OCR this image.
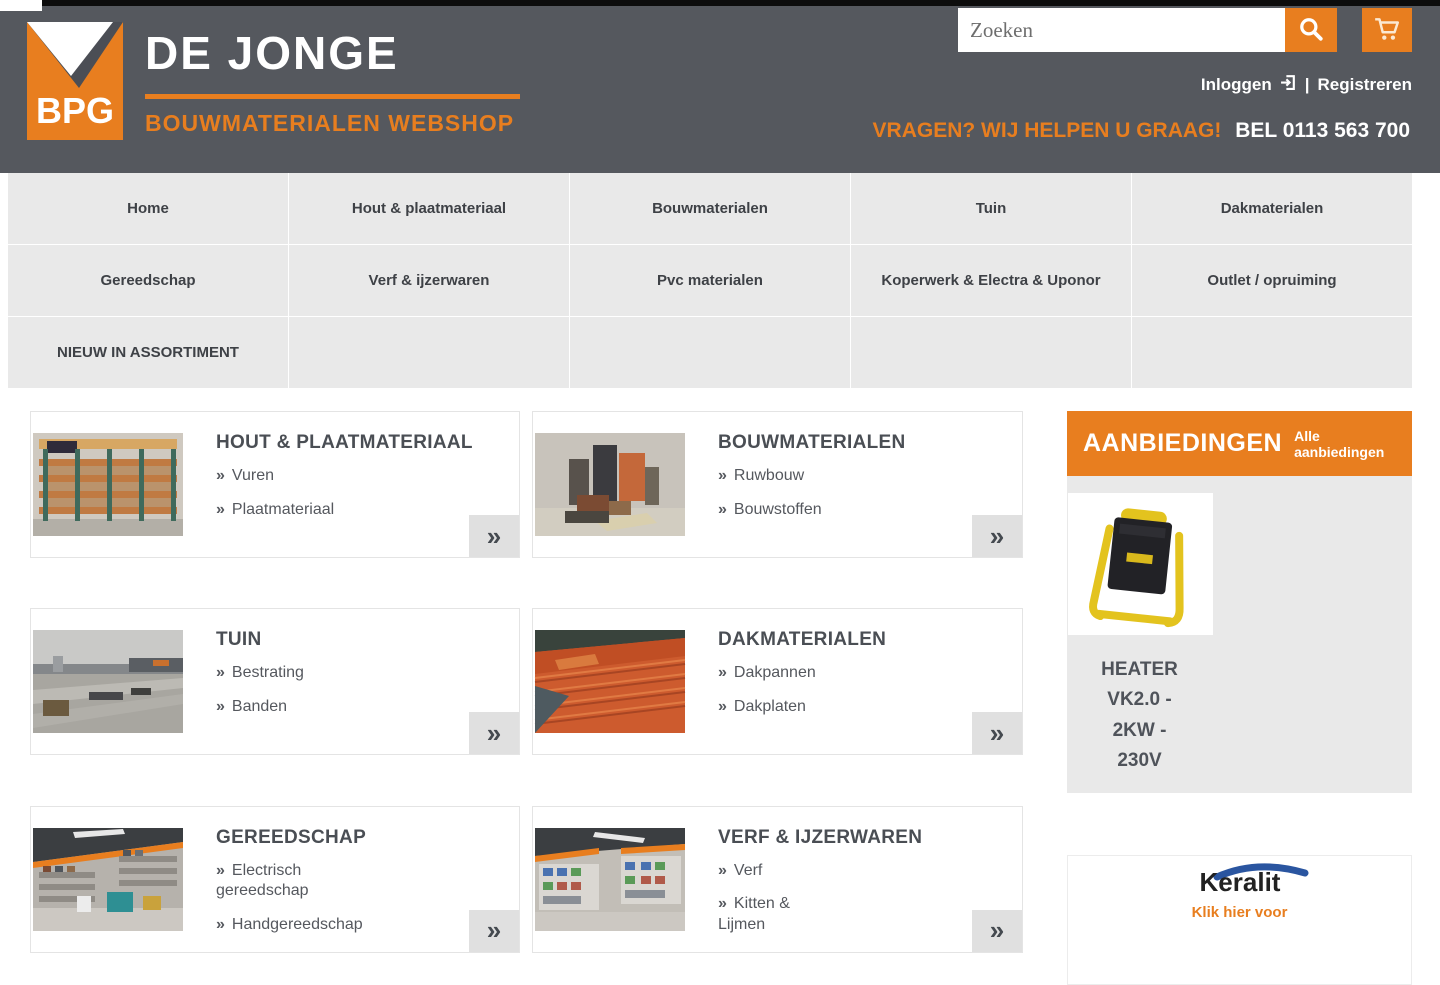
BPG
DE JONGE
BOUWMATERIALEN WEBSHOP
Zoeken
Inloggen | Registreren
VRAGEN? WIJ HELPEN U GRAAG! BEL 0113 563 700
Home	Hout & plaatmateriaal	Bouwmaterialen	Tuin	Dakmaterialen
Gereedschap	Verf & ijzerwaren	Pvc materialen	Koperwerk & Electra & Uponor	Outlet / opruiming
NIEUW IN ASSORTIMENT
HOUT & PLAATMATERIAAL
» Vuren
» Plaatmateriaal
»
BOUWMATERIALEN
» Ruwbouw
» Bouwstoffen
»
TUIN
» Bestrating
» Banden
»
DAKMATERIALEN
» Dakpannen
» Dakplaten
»
GEREEDSCHAP
» Electrisch gereedschap
» Handgereedschap	»
VERF & IJZERWAREN
» Verf
» Kitten & Lijmen	»
AANBIEDINGEN Alle aanbiedingen
HEATER VK2.0 - 2KW - 230V
Keralit
Klik hier voor
